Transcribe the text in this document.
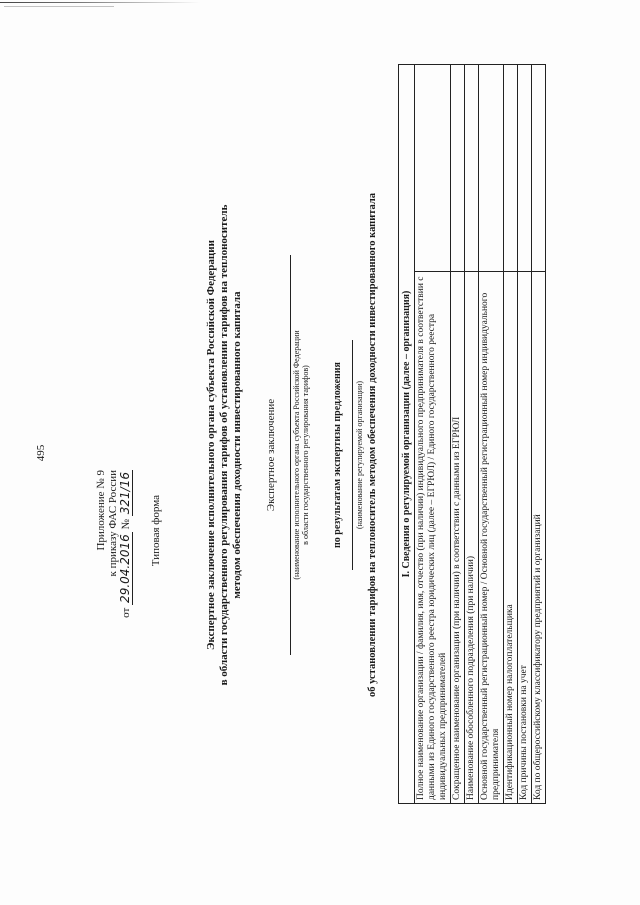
495
Приложение № 9 к приказу ФАС России
от 29.04.2016 № 321/16
Типовая форма	Экспертное заключение исполнительного органа субъекта Российской Федерации в области государственного регулирования тарифов об установлении тарифов на теплоноситель методом обеспечения доходности инвестированного капитала Экспертное заключение (наименование исполнительного органа субъекта Российской Федерации в области государственного регулирования тарифов) по результатам экспертизы предложения (наименование регулируемой организации) об установлении тарифов на теплоноситель методом обеспечения доходности инвестированного капитала I. Сведения о регулируемой организации (далее – организация)	
Полное наименование организации / фамилия, имя, отчество (при наличии) индивидуального предпринимателя в соответствии с данными из Единого государственного реестра юридических лиц (далее – ЕГРЮЛ) / Единого государственного реестра индивидуальных предпринимателей	
Сокращенное наименование организации (при наличии) в соответствии с данными из ЕГРЮЛ	
Наименование обособленного подразделения (при наличии)	
Основной государственный регистрационный номер / Основной государственный регистрационный номер индивидуального предпринимателя	
Идентификационный номер налогоплательщика	
Код причины постановки на учет	
Код по общероссийскому классификатору предприятий и организаций	
